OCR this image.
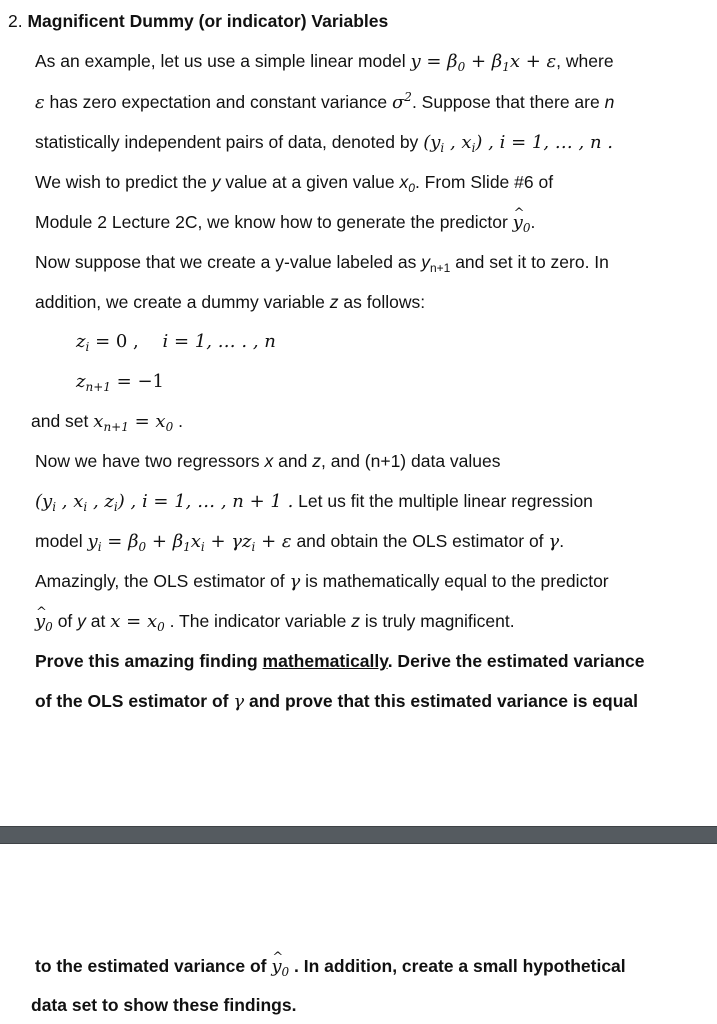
2. Magnificent Dummy (or indicator) Variables
As an example, let us use a simple linear model $y = \beta_0 + \beta_1x + \varepsilon$, where
ε has zero expectation and constant variance $\sigma^2$. Suppose that there are n
statistically independent pairs of data, denoted by ($y_i$ , $x_i$) , i = 1, … , n .
We wish to predict the y value at a given value $x_0$. From Slide #6 of
Module 2 Lecture 2C, we know how to generate the predictor ^ $y_0$.
Now suppose that we create a y-value labeled as $y_{n+1}$ and set it to zero. In
addition, we create a dummy variable z as follows:
$z_i = 0$ , i = 1, … . , n
$z_{n+1} = -1$
and set $x_{n+1} = x_0$ .
Now we have two regressors x and z, and (n+1) data values
($y_i$ , $x_i$ , $z_i$) , i = 1, … , n + 1 . Let us fit the multiple linear regression
model $y_i = \beta_0 + \beta_1x_i + \gamma z_i + \varepsilon$ and obtain the OLS estimator of γ.
Amazingly, the OLS estimator of γ is mathematically equal to the predictor
^ $y_0$ of y at $x = x_0$ . The indicator variable z is truly magnificent.
Prove this amazing finding mathematically. Derive the estimated variance
of the OLS estimator of γ and prove that this estimated variance is equal
to the estimated variance of ^ $y_0$ . In addition, create a small hypothetical
data set to show these findings.
